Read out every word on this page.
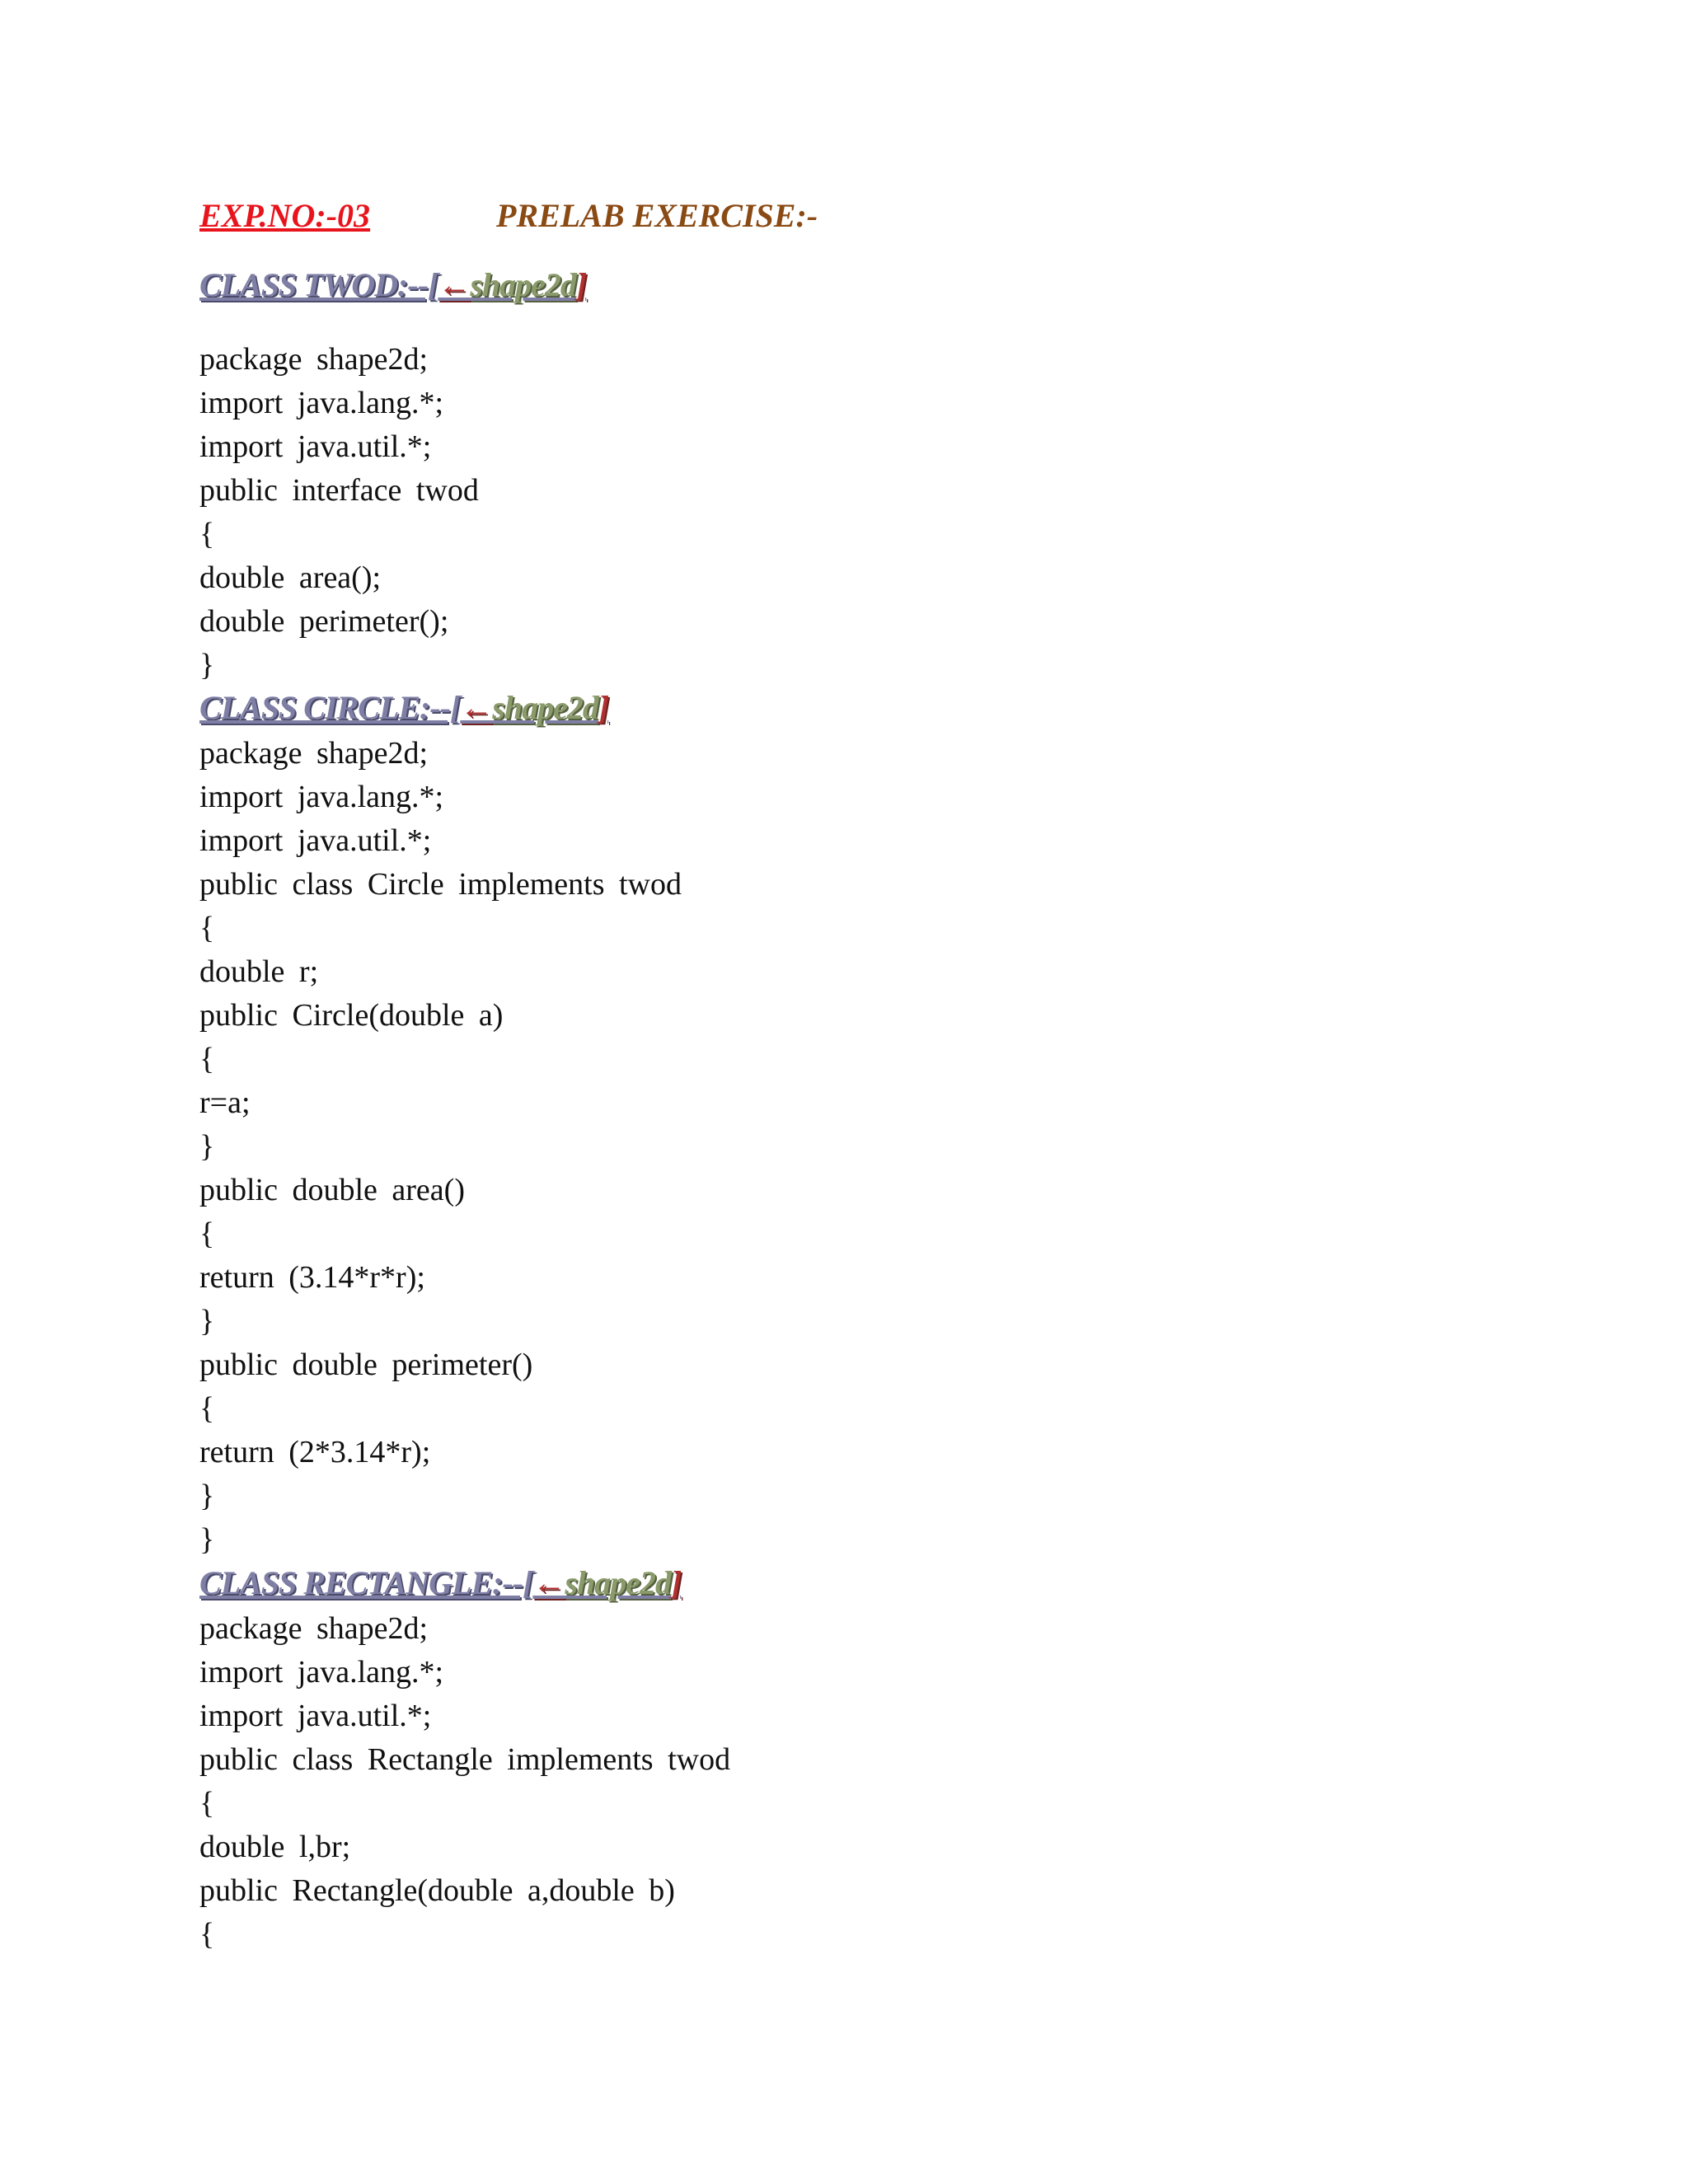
EXP.NO:-03	PRELAB EXERCISE:-
CLASS TWOD:--[←shape2d]
package shape2d;
import java.lang.*;
import java.util.*;
public interface twod
{
double area();
double perimeter();
}
CLASS CIRCLE:--[←shape2d]
package shape2d;
import java.lang.*;
import java.util.*;
public class Circle implements twod
{
double r;
public Circle(double a)
{
r=a;
}
public double area()
{
return (3.14*r*r);
}
public double perimeter()
{
return (2*3.14*r);
}
}
CLASS RECTANGLE:--[←shape2d]
package shape2d;
import java.lang.*;
import java.util.*;
public class Rectangle implements twod
{
double l,br;
public Rectangle(double a,double b)
{
